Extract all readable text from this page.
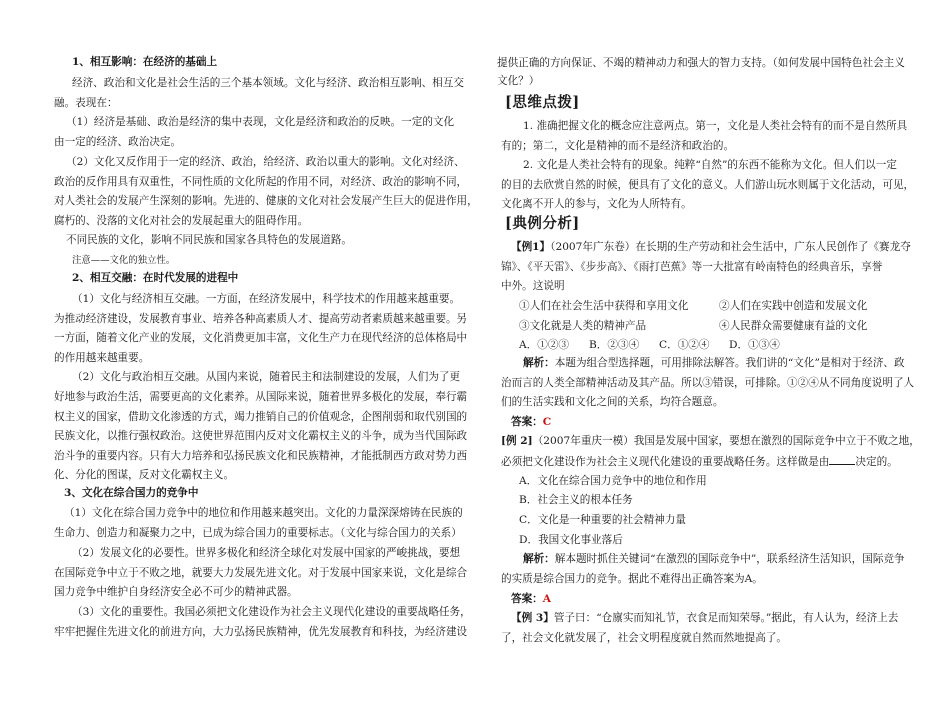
1、相互影响：在经济的基础上
经济、政治和文化是社会生活的三个基本领域。文化与经济、政治相互影响、相互交
融。表现在：
（1）经济是基础、政治是经济的集中表现，文化是经济和政治的反映。一定的文化
由一定的经济、政治决定。
（2）文化又反作用于一定的经济、政治，给经济、政治以重大的影响。文化对经济、
政治的反作用具有双重性，不同性质的文化所起的作用不同，对经济、政治的影响不同，
对人类社会的发展产生深刻的影响。先进的、健康的文化对社会发展产生巨大的促进作用，
腐朽的、没落的文化对社会的发展起重大的阻碍作用。
不同民族的文化，影响不同民族和国家各具特色的发展道路。
注意——文化的独立性。
2、相互交融：在时代发展的进程中
（1）文化与经济相互交融。一方面，在经济发展中，科学技术的作用越来越重要。
为推动经济建设，发展教育事业、培养各种高素质人才、提高劳动者素质越来越重要。另
一方面，随着文化产业的发展，文化消费更加丰富，文化生产力在现代经济的总体格局中
的作用越来越重要。
（2）文化与政治相互交融。从国内来说，随着民主和法制建设的发展，人们为了更
好地参与政治生活，需要更高的文化素养。从国际来说，随着世界多极化的发展，奉行霸
权主义的国家，借助文化渗透的方式，竭力推销自己的价值观念，企图削弱和取代别国的
民族文化，以推行强权政治。这使世界范围内反对文化霸权主义的斗争，成为当代国际政
治斗争的重要内容。只有大力培养和弘扬民族文化和民族精神，才能抵制西方政对势力西
化、分化的图谋，反对文化霸权主义。
3、文化在综合国力的竞争中
（1）文化在综合国力竞争中的地位和作用越来越突出。文化的力量深深熔铸在民族的
生命力、创造力和凝聚力之中，已成为综合国力的重要标志。（文化与综合国力的关系）
（2）发展文化的必要性。世界多极化和经济全球化对发展中国家的严峻挑战，要想
在国际竞争中立于不败之地，就要大力发展先进文化。对于发展中国家来说，文化是综合
国力竞争中维护自身经济安全必不可少的精神武器。
（3）文化的重要性。我国必须把文化建设作为社会主义现代化建设的重要战略任务，
牢牢把握住先进文化的前进方向，大力弘扬民族精神，优先发展教育和科技，为经济建设
提供正确的方向保证、不竭的精神动力和强大的智力支持。（如何发展中国特色社会主义
文化？）
[思维点拨]
1. 准确把握文化的概念应注意两点。第一，文化是人类社会特有的而不是自然所具
有的；第二，文化是精神的而不是经济和政治的。
2. 文化是人类社会特有的现象。纯粹“自然”的东西不能称为文化。但人们以一定
的目的去欣赏自然的时候，便具有了文化的意义。人们游山玩水则属于文化活动，可见，
文化离不开人的参与，文化为人所特有。
[典例分析]
【例1】（2007年广东卷）在长期的生产劳动和社会生活中，广东人民创作了《赛龙夺
锦》、《平天雷》、《步步高》、《雨打芭蕉》等一大批富有岭南特色的经典音乐，享誉
中外。这说明
①人们在社会生活中获得和享用文化	②人们在实践中创造和发展文化
③文化就是人类的精神产品	④人民群众需要健康有益的文化
A．①②③ B．②③④ C．①②④ D．①③④
解析：本题为组合型选择题，可用排除法解答。我们讲的“文化”是相对于经济、政
治而言的人类全部精神活动及其产品。所以③错误，可排除。①②④从不同角度说明了人
们的生活实践和文化之间的关系，均符合题意。
答案：C
[例 2]（2007年重庆一模）我国是发展中国家，要想在激烈的国际竞争中立于不败之地，
必须把文化建设作为社会主义现代化建设的重要战略任务。这样做是由 决定的。
A．文化在综合国力竞争中的地位和作用
B．社会主义的根本任务
C．文化是一种重要的社会精神力量
D．我国文化事业落后
解析：解本题时抓住关键词“在激烈的国际竞争中”，联系经济生活知识，国际竞争
的实质是综合国力的竞争。据此不难得出正确答案为A。
答案：A
【例 3】管子曰：“仓廪实而知礼节，衣食足而知荣辱。”据此，有人认为，经济上去
了，社会文化就发展了，社会文明程度就自然而然地提高了。
